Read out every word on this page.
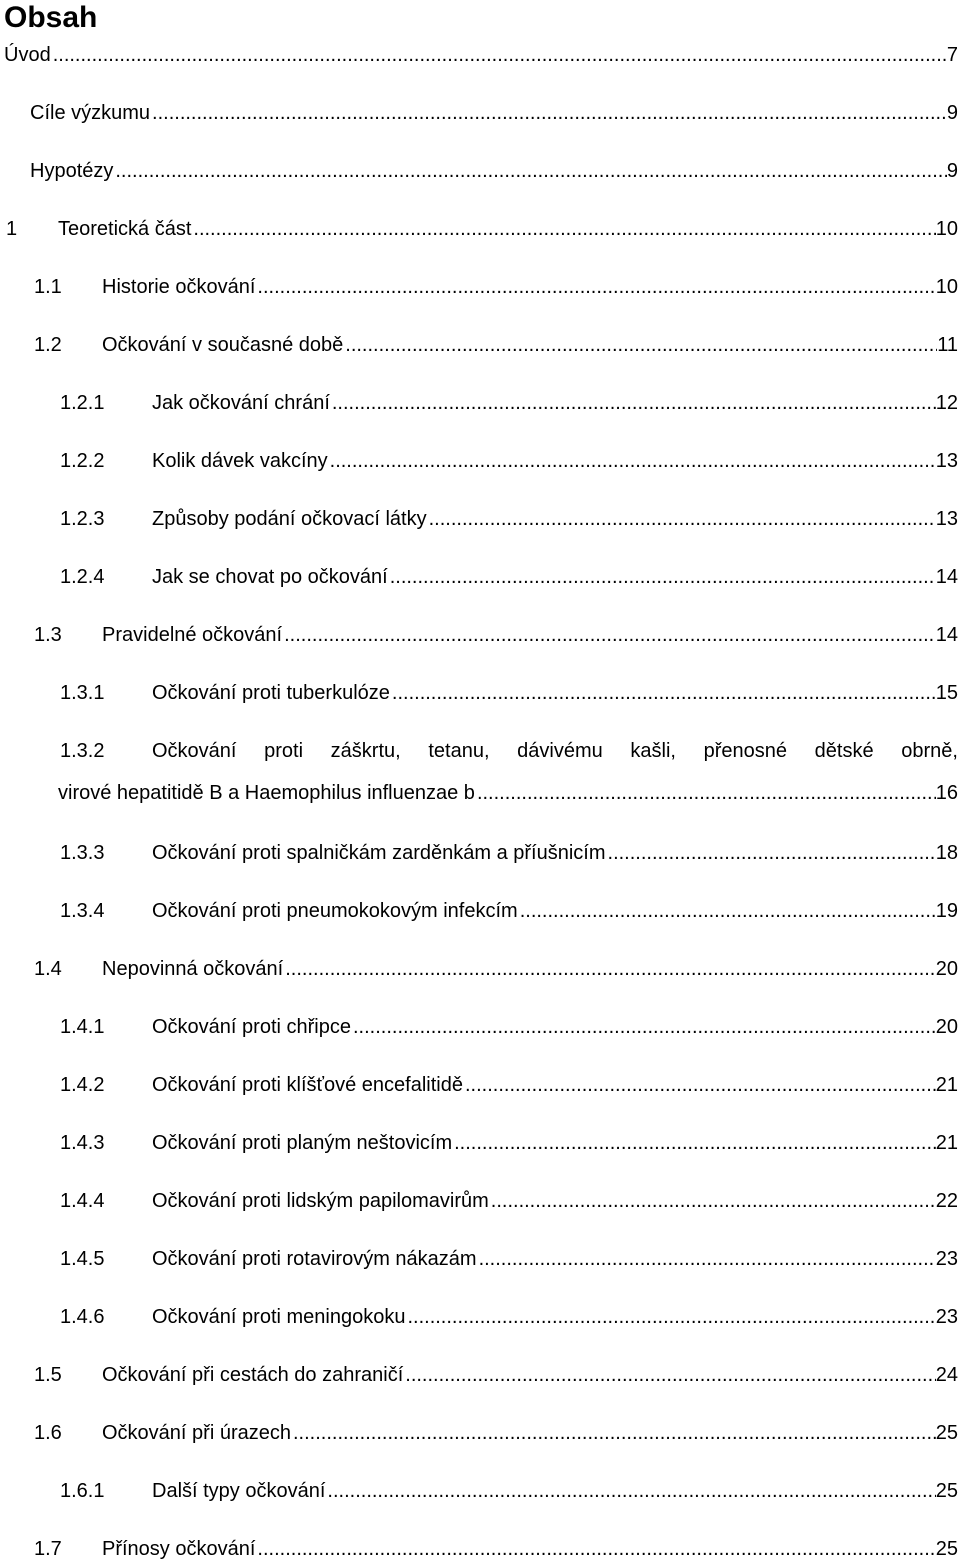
Obsah
Úvod .....	7
Cíle výzkumu .....	9
Hypotézy .....	9
1	Teoretická část .....	10
1.1	Historie očkování .....	10
1.2	Očkování v současné době .....	11
1.2.1	Jak očkování chrání .....	12
1.2.2	Kolik dávek vakcíny .....	13
1.2.3	Způsoby podání očkovací látky .....	13
1.2.4	Jak se chovat po očkování .....	14
1.3	Pravidelné očkování .....	14
1.3.1	Očkování proti tuberkulóze .....	15
1.3.2	Očkování proti záškrtu, tetanu, dávivému kašli, přenosné dětské obrně,
virové hepatitidě B a Haemophilus influenzae b .....	16
1.3.3	Očkování proti spalničkám zarděnkám a příušnicím .....	18
1.3.4	Očkování proti pneumokokovým infekcím .....	19
1.4	Nepovinná očkování .....	20
1.4.1	Očkování proti chřipce .....	20
1.4.2	Očkování proti klíšťové encefalitidě .....	21
1.4.3	Očkování proti planým neštovicím .....	21
1.4.4	Očkování proti lidským papilomavirům .....	22
1.4.5	Očkování proti rotavirovým nákazám .....	23
1.4.6	Očkování proti meningokoku .....	23
1.5	Očkování při cestách do zahraničí .....	24
1.6	Očkování při úrazech .....	25
1.6.1	Další typy očkování .....	25
1.7	Přínosy očkování .....	25
